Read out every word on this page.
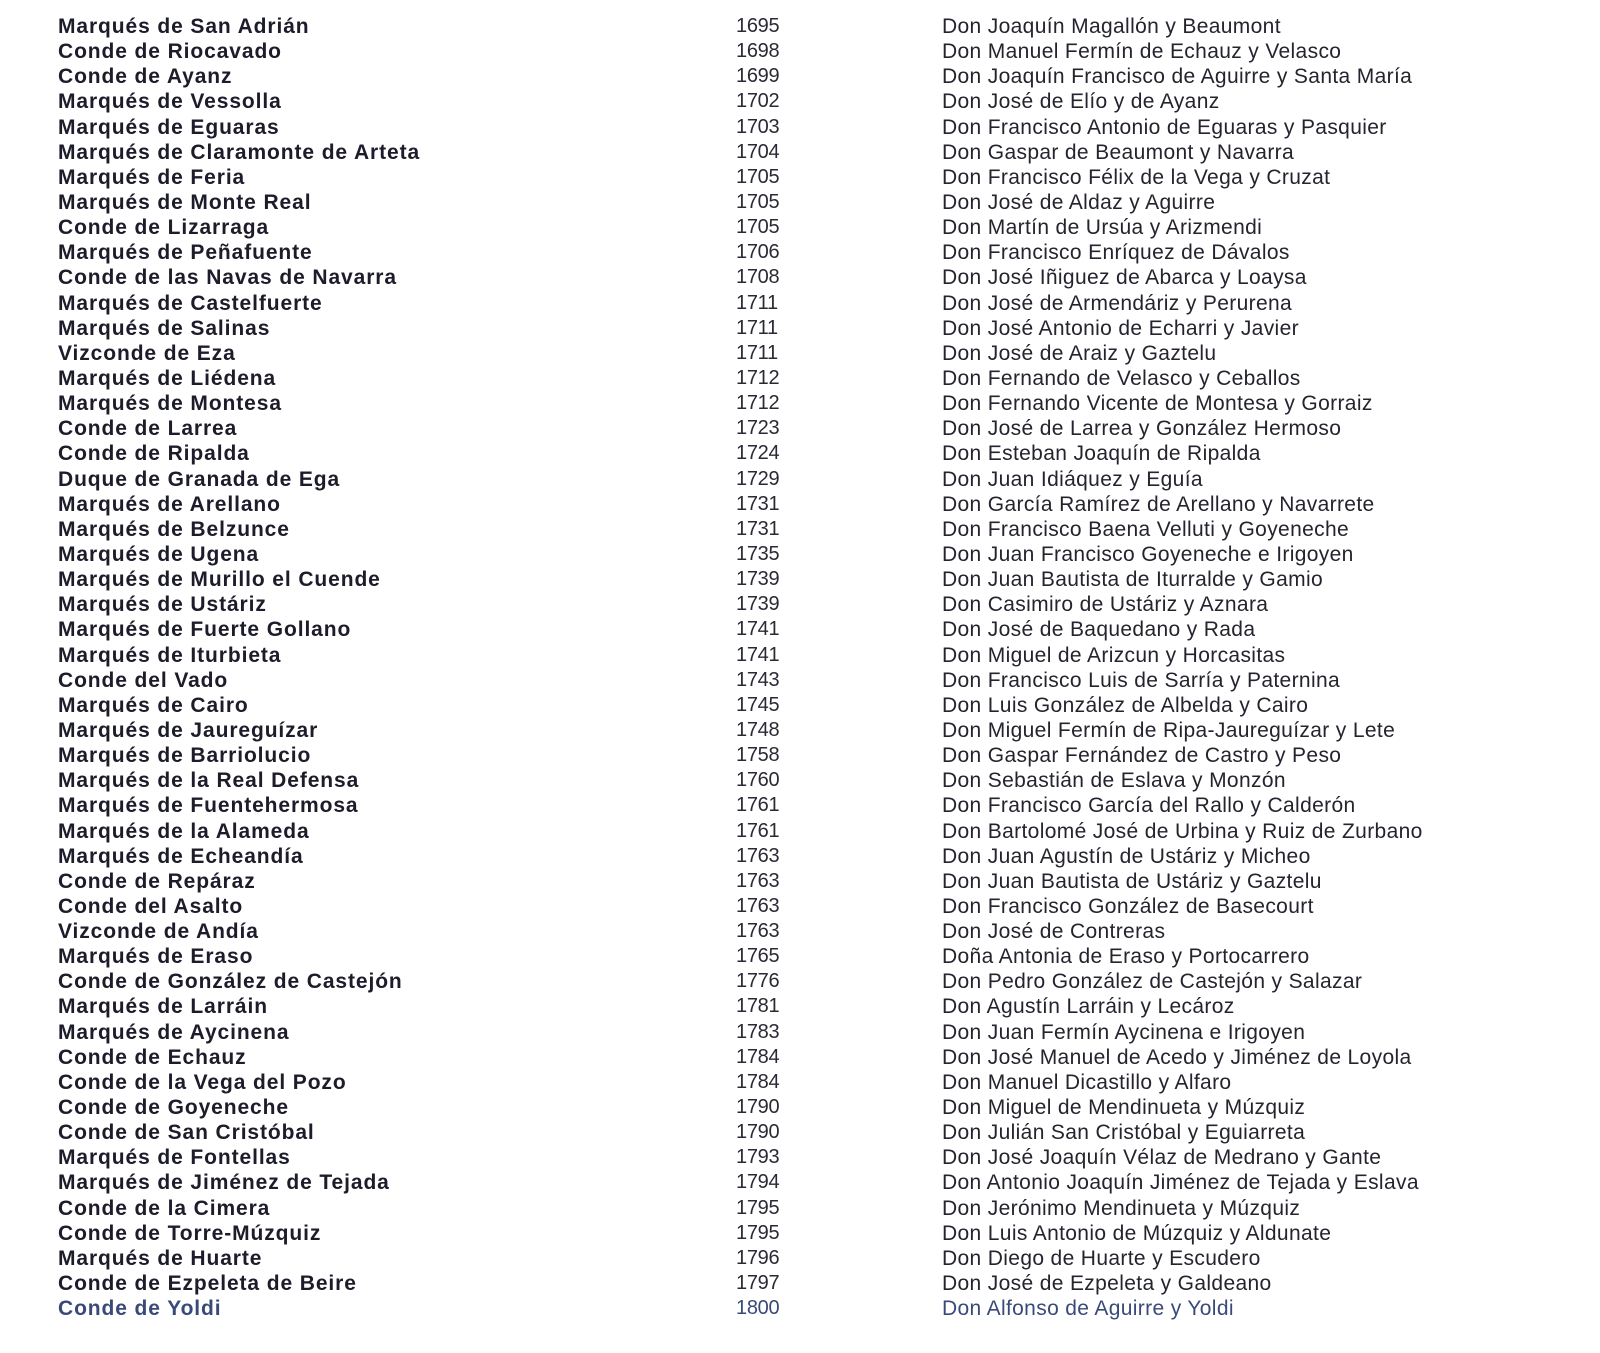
Marqués de San Adrián	1695	Don Joaquín Magallón y Beaumont
Conde de Riocavado	1698	Don Manuel Fermín de Echauz y Velasco
Conde de Ayanz	1699	Don Joaquín Francisco de Aguirre y Santa María
Marqués de Vessolla	1702	Don José de Elío y de Ayanz
Marqués de Eguaras	1703	Don Francisco Antonio de Eguaras y Pasquier
Marqués de Claramonte de Arteta	1704	Don Gaspar de Beaumont y Navarra
Marqués de Feria	1705	Don Francisco Félix de la Vega y Cruzat
Marqués de Monte Real	1705	Don José de Aldaz y Aguirre
Conde de Lizarraga	1705	Don Martín de Ursúa y Arizmendi
Marqués de Peñafuente	1706	Don Francisco Enríquez de Dávalos
Conde de las Navas de Navarra	1708	Don José Iñiguez de Abarca y Loaysa
Marqués de Castelfuerte	1711	Don José de Armendáriz y Perurena
Marqués de Salinas	1711	Don José Antonio de Echarri y Javier
Vizconde de Eza	1711	Don José de Araiz y Gaztelu
Marqués de Liédena	1712	Don Fernando de Velasco y Ceballos
Marqués de Montesa	1712	Don Fernando Vicente de Montesa y Gorraiz
Conde de Larrea	1723	Don José de Larrea y González Hermoso
Conde de Ripalda	1724	Don Esteban Joaquín de Ripalda
Duque de Granada de Ega	1729	Don Juan Idiáquez y Eguía
Marqués de Arellano	1731	Don García Ramírez de Arellano y Navarrete
Marqués de Belzunce	1731	Don Francisco Baena Velluti y Goyeneche
Marqués de Ugena	1735	Don Juan Francisco Goyeneche e Irigoyen
Marqués de Murillo el Cuende	1739	Don Juan Bautista de Iturralde y Gamio
Marqués de Ustáriz	1739	Don Casimiro de Ustáriz y Aznara
Marqués de Fuerte Gollano	1741	Don José de Baquedano y Rada
Marqués de Iturbieta	1741	Don Miguel de Arizcun y Horcasitas
Conde del Vado	1743	Don Francisco Luis de Sarría y Paternina
Marqués de Cairo	1745	Don Luis González de Albelda y Cairo
Marqués de Jaureguízar	1748	Don Miguel Fermín de Ripa-Jaureguízar y Lete
Marqués de Barriolucio	1758	Don Gaspar Fernández de Castro y Peso
Marqués de la Real Defensa	1760	Don Sebastián de Eslava y Monzón
Marqués de Fuentehermosa	1761	Don Francisco García del Rallo y Calderón
Marqués de la Alameda	1761	Don Bartolomé José de Urbina y Ruiz de Zurbano
Marqués de Echeandía	1763	Don Juan Agustín de Ustáriz y Micheo
Conde de Repáraz	1763	Don Juan Bautista de Ustáriz y Gaztelu
Conde del Asalto	1763	Don Francisco González de Basecourt
Vizconde de Andía	1763	Don José de Contreras
Marqués de Eraso	1765	Doña Antonia de Eraso y Portocarrero
Conde de González de Castejón	1776	Don Pedro González de Castejón y Salazar
Marqués de Larráin	1781	Don Agustín Larráin y Lecároz
Marqués de Aycinena	1783	Don Juan Fermín Aycinena e Irigoyen
Conde de Echauz	1784	Don José Manuel de Acedo y Jiménez de Loyola
Conde de la Vega del Pozo	1784	Don Manuel Dicastillo y Alfaro
Conde de Goyeneche	1790	Don Miguel de Mendinueta y Múzquiz
Conde de San Cristóbal	1790	Don Julián San Cristóbal y Eguiarreta
Marqués de Fontellas	1793	Don José Joaquín Vélaz de Medrano y Gante
Marqués de Jiménez de Tejada	1794	Don Antonio Joaquín Jiménez de Tejada y Eslava
Conde de la Cimera	1795	Don Jerónimo Mendinueta y Múzquiz
Conde de Torre-Múzquiz	1795	Don Luis Antonio de Múzquiz y Aldunate
Marqués de Huarte	1796	Don Diego de Huarte y Escudero
Conde de Ezpeleta de Beire	1797	Don José de Ezpeleta y Galdeano
Conde de Yoldi	1800	Don Alfonso de Aguirre y Yoldi
